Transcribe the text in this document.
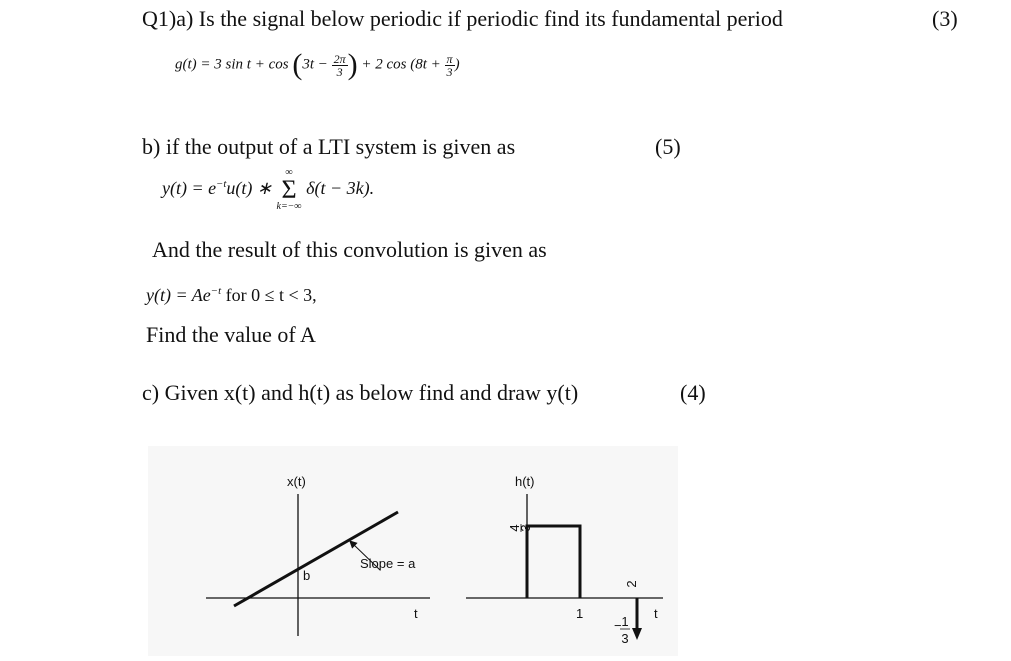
Q1)a) Is the signal below periodic if periodic find its fundamental period	(3)
g(t) = 3 $\sin t + \cos (3t - \frac{2\pi}{3}$ ) + 2 $\cos (8t + \frac{\pi}{3}$ )
b) if the output of a LTI system is given as	(5)
$y(t) = e^{-t}u(t)$ ∗
∞
Σ
k=−∞
δ(t − 3k).
And the result of this convolution is given as
$y(t) = Ae^{-t}$ for 0 ≤ t < 3,
Find the value of A
c) Given x(t) and h(t) as below find and draw y(t)	(4)
x(t)
t
b
Slope = a
h(t)
4
3
1
2
t
− 1
3
